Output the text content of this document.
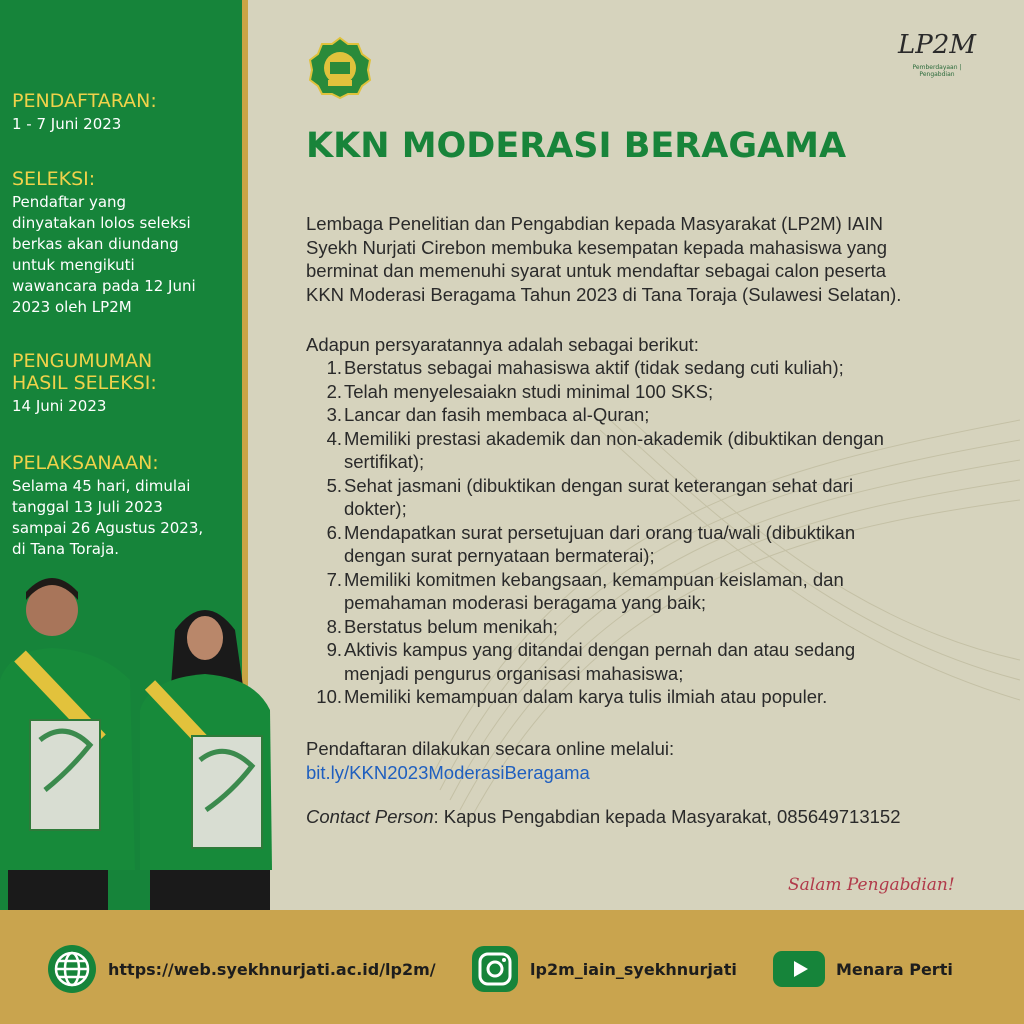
PENDAFTARAN:
1 - 7 Juni 2023
SELEKSI:
Pendaftar yang
dinyatakan lolos seleksi
berkas akan diundang
untuk mengikuti
wawancara pada 12 Juni
2023 oleh LP2M
PENGUMUMAN
HASIL SELEKSI:
14 Juni 2023
PELAKSANAAN:
Selama 45 hari, dimulai
tanggal 13 Juli 2023
sampai 26 Agustus 2023,
di Tana Toraja.
LP2M
Pemberdayaan | Pengabdian
KKN MODERASI BERAGAMA
Lembaga Penelitian dan Pengabdian kepada Masyarakat (LP2M) IAIN
Syekh Nurjati Cirebon membuka kesempatan kepada mahasiswa yang
berminat dan memenuhi syarat untuk mendaftar sebagai calon peserta
KKN Moderasi Beragama Tahun 2023 di Tana Toraja (Sulawesi Selatan).
Adapun persyaratannya adalah sebagai berikut:
1. Berstatus sebagai mahasiswa aktif (tidak sedang cuti kuliah);
2. Telah menyelesaiakn studi minimal 100 SKS;
3. Lancar dan fasih membaca al-Quran;
4. Memiliki prestasi akademik dan non-akademik (dibuktikan dengan
sertifikat);
5. Sehat jasmani (dibuktikan dengan surat keterangan sehat dari
dokter);
6. Mendapatkan surat persetujuan dari orang tua/wali (dibuktikan
dengan surat pernyataan bermaterai);
7. Memiliki komitmen kebangsaan, kemampuan keislaman, dan
pemahaman moderasi beragama yang baik;
8. Berstatus belum menikah;
9. Aktivis kampus yang ditandai dengan pernah dan atau sedang
menjadi pengurus organisasi mahasiswa;
10. Memiliki kemampuan dalam karya tulis ilmiah atau populer.
Pendaftaran dilakukan secara online melalui:
bit.ly/KKN2023ModerasiBeragama
Contact Person: Kapus Pengabdian kepada Masyarakat, 085649713152
Salam Pengabdian!
https://web.syekhnurjati.ac.id/lp2m/	lp2m_iain_syekhnurjati	Menara Perti
